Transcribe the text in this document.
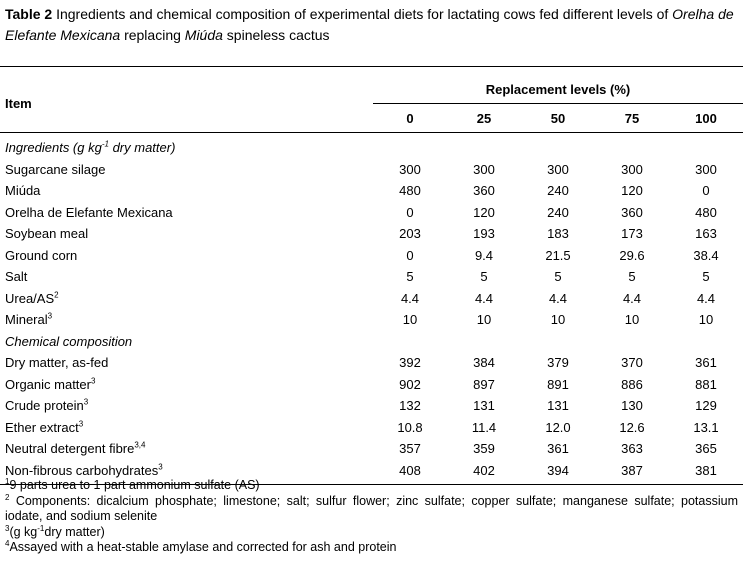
Table 2 Ingredients and chemical composition of experimental diets for lactating cows fed different levels of Orelha de Elefante Mexicana replacing Miúda spineless cactus

Item	Replacement levels (%)				
	0	25	50	75	100

Ingredients (g $kg^{-1}$ dry matter)					
Sugarcane silage	300	300	300	300	300
Miúda	480	360	240	120	0
Orelha de Elefante Mexicana	0	120	240	360	480
Soybean meal	203	193	183	173	163
Ground corn	0	9.4	21.5	29.6	38.4
Salt	5	5	5	5	5
Urea/$AS^2$	4.4	4.4	4.4	4.4	4.4
Mineral$^3$	10	10	10	10	10
Chemical composition					
Dry matter, as-fed	392	384	379	370	361
Organic matter$^3$	902	897	891	886	881
Crude protein$^3$	132	131	131	130	129
Ether extract$^3$	10.8	11.4	12.0	12.6	13.1
Neutral detergent fibre$^{3,4}$	357	359	361	363	365
Non-fibrous carbohydrates$^3$	408	402	394	387	381

$^1$9 parts urea to 1 part ammonium sulfate (AS)
$^2$ Components: dicalcium phosphate; limestone; salt; sulfur flower; zinc sulfate; copper sulfate; manganese sulfate; potassium iodate, and sodium selenite
$^3$(g $kg^{-1}dry$ matter)
$^4$Assayed with a heat-stable amylase and corrected for ash and protein
